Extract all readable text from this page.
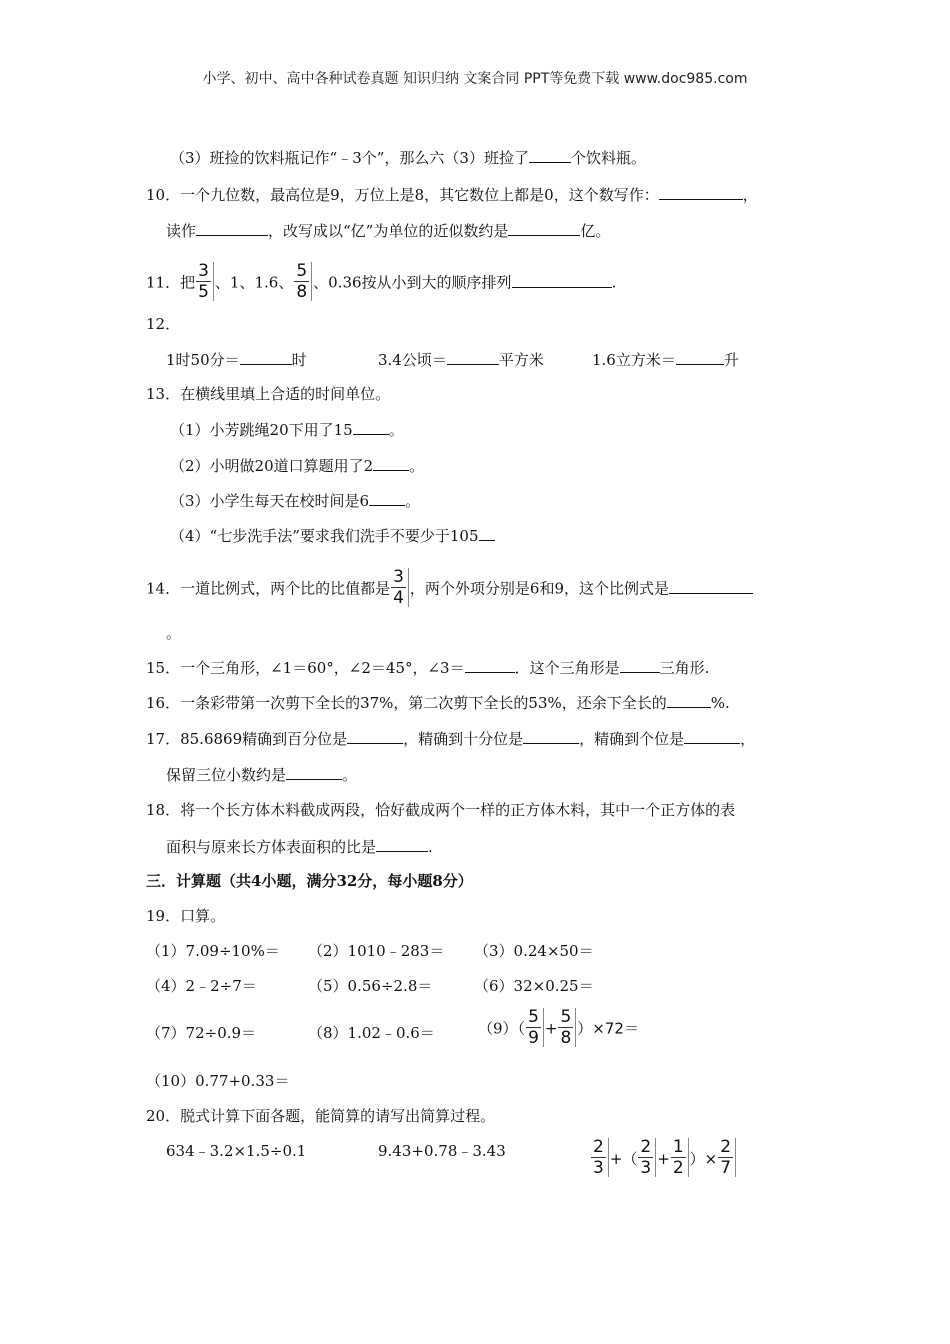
小学、初中、高中各种试卷真题 知识归纳 文案合同 PPT等免费下载 www.doc985.com
（3）班捡的饮料瓶记作“﹣3个”，那么六（3）班捡了	个饮料瓶。
10．一个九位数，最高位是9，万位上是8，其它数位上都是0，这个数写作：	，
读作	，改写成以“亿”为单位的近似数约是	亿。
11．把 $\frac{3}{5}$ 、1、1.6、 $\frac{5}{8}$ 、0.36按从小到大的顺序排列	.
12．
1时50分＝	时	3.4公顷＝	平方米	1.6立方米＝	升
13．在横线里填上合适的时间单位。
（1）小芳跳绳20下用了15 。
（2）小明做20道口算题用了2 。
（3）小学生每天在校时间是6 。
（4）“七步洗手法”要求我们洗手不要少于105
14．一道比例式，两个比的比值都是 $\frac{3}{4}$ ，两个外项分别是6和9，这个比例式是
。
15．一个三角形，∠1＝60°，∠2＝45°，∠3＝	．这个三角形是	三角形.
16．一条彩带第一次剪下全长的37%，第二次剪下全长的53%，还余下全长的	%.
17．85.6869精确到百分位是	，精确到十分位是	，精确到个位是	，
保留三位小数约是	。
18．将一个长方体木料截成两段，恰好截成两个一样的正方体木料，其中一个正方体的表
面积与原来长方体表面积的比是	.
三．计算题（共4小题，满分32分，每小题8分）
19．口算。
（1）7.09÷10%＝ （2）1010﹣283＝ （3）0.24×50＝
（4）2﹣2÷7＝	（5）0.56÷2.8＝	（6）32×0.25＝
（7）72÷0.9＝	（8）1.02﹣0.6＝	$(9)( \frac{5}{9} + \frac{5}{8} )\times 72=$
（10）0.77+0.33＝
20．脱式计算下面各题，能简算的请写出简算过程。
634﹣3.2×1.5÷0.1	9.43+0.78﹣3.43	$\frac{2}{3}$ +（ $\frac{2}{3} + \frac{1}{2}$ ）× $\frac{2}{7}$
